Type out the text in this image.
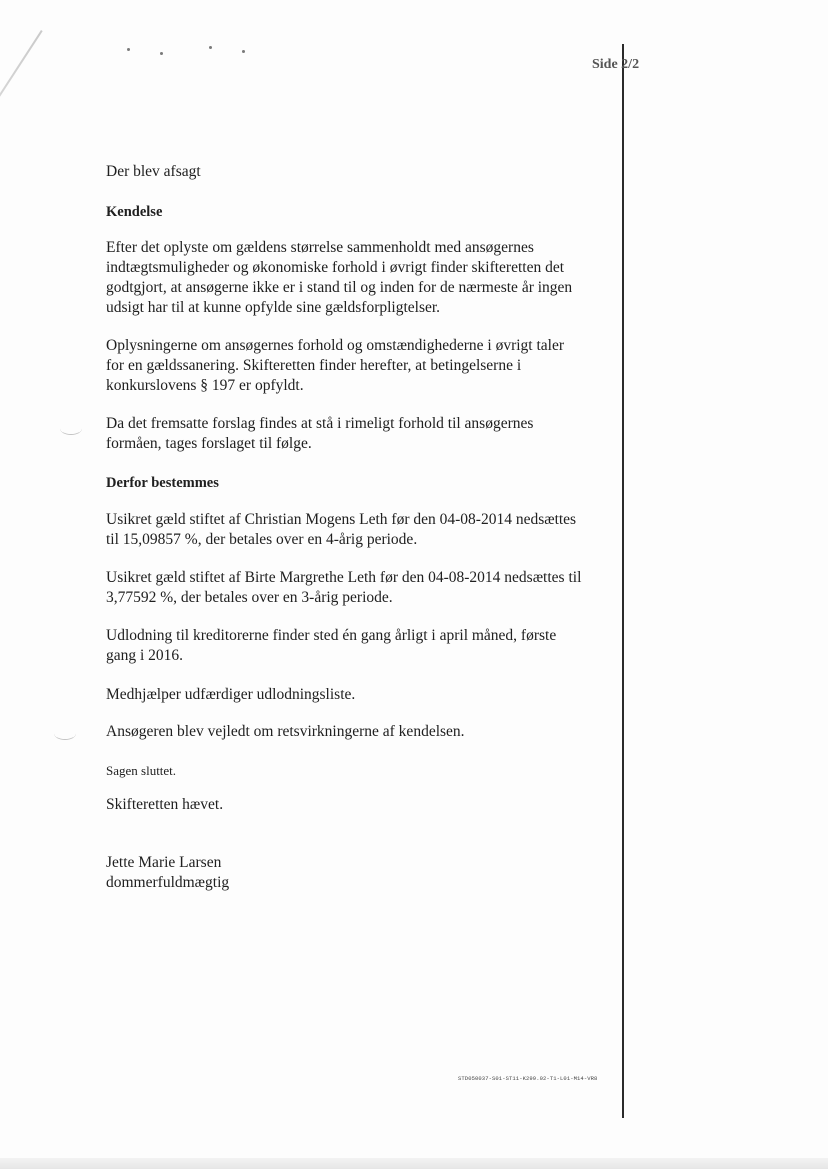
Side 2/2

Der blev afsagt

Kendelse

Efter det oplyste om gældens størrelse sammenholdt med ansøgernes
indtægtsmuligheder og økonomiske forhold i øvrigt finder skifteretten det
godtgjort, at ansøgerne ikke er i stand til og inden for de nærmeste år ingen
udsigt har til at kunne opfylde sine gældsforpligtelser.

Oplysningerne om ansøgernes forhold og omstændighederne i øvrigt taler
for en gældssanering. Skifteretten finder herefter, at betingelserne i
konkurslovens § 197 er opfyldt.

Da det fremsatte forslag findes at stå i rimeligt forhold til ansøgernes
formåen, tages forslaget til følge.

Derfor bestemmes

Usikret gæld stiftet af Christian Mogens Leth før den 04-08-2014 nedsættes
til 15,09857 %, der betales over en 4-årig periode.

Usikret gæld stiftet af Birte Margrethe Leth før den 04-08-2014 nedsættes til
3,77592 %, der betales over en 3-årig periode.

Udlodning til kreditorerne finder sted én gang årligt i april måned, første
gang i 2016.

Medhjælper udfærdiger udlodningsliste.

Ansøgeren blev vejledt om retsvirkningerne af kendelsen.

Sagen sluttet.

Skifteretten hævet.

Jette Marie Larsen

dommerfuldmægtig

STD050037-S01-ST11-K299.02-T1-L01-M14-VR8
